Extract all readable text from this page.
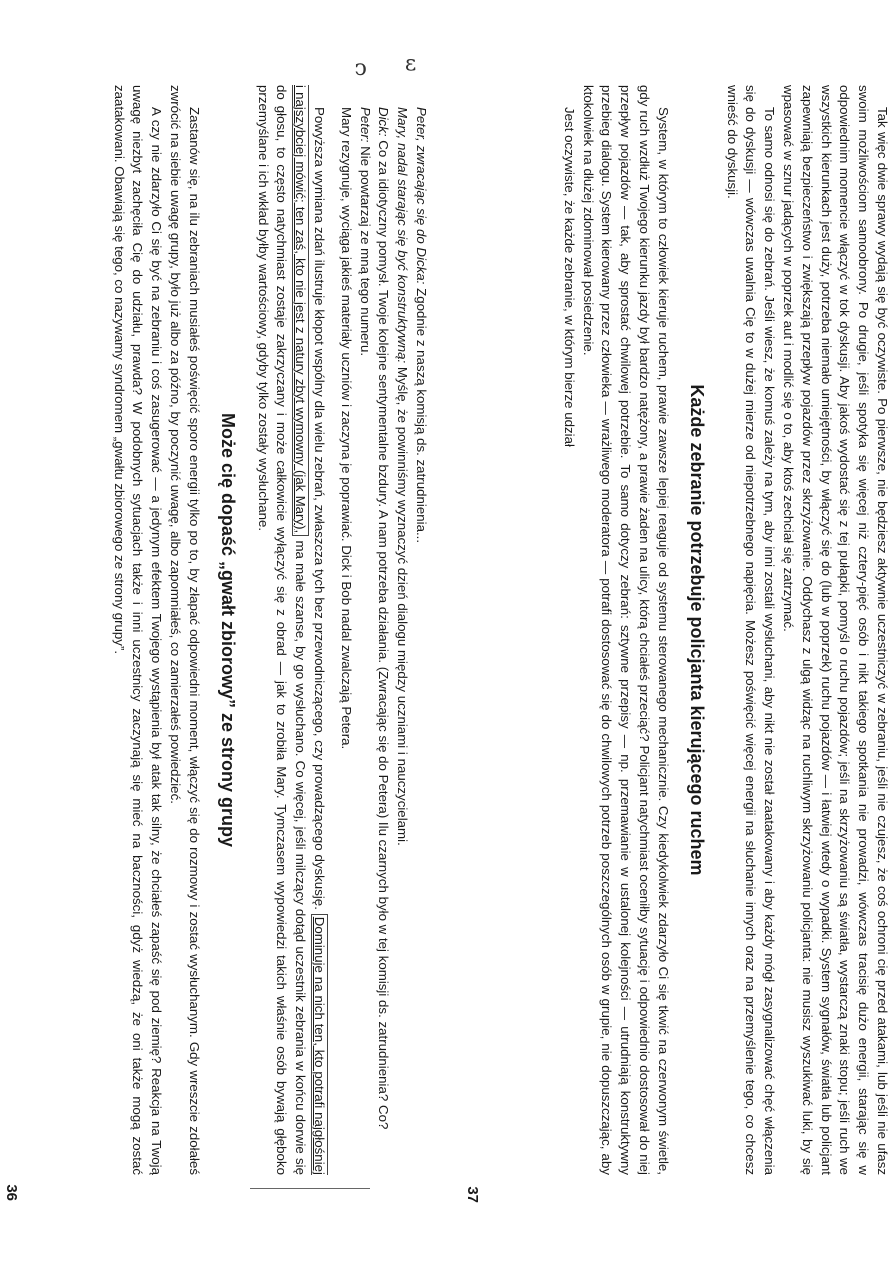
ɛ
ↄ

Peter, zwracając się do Dicka: Zgodnie z naszą komisją ds. zatrudnienia...

Mary, nadal starając się być konstruktywną: Myślę, że powinniśmy wyznaczyć dzień dialogu między uczniami i nauczycielami.

Dick: Co za idiotyczny pomysł. Twoje kolejne sentymentalne bzdury. A nam potrzeba działania. (Zwracając się do Petera) Ilu czarnych było w tej komisji ds. zatrudnienia? Co?

Peter: Nie powtarzaj ze mną tego numeru.

Mary rezygnuje, wyciąga jakieś materiały uczniów i zaczyna je poprawiać. Dick i Bob nadal zwalczają Petera.

Powyższa wymiana zdań ilustruje kłopot wspólny dla wielu zebrań, zwłaszcza tych bez przewodniczącego, czy prowadzącego dyskusję. Dominuje na nich ten, kto potrafi najgłośniej i najszybciej mówić; ten zaś, kto nie jest z natury zbyt wymowny (jak Mary), ma małe szanse, by go wysłuchano. Co więcej, jeśli milczący dotąd uczestnik zebrania w końcu dorwie się do głosu, to często natychmiast zostaje zakrzyczany i może całkowicie wyłączyć się z obrad — jak to zrobiła Mary. Tymczasem wypowiedzi takich właśnie osób bywają głęboko przemyślane i ich wkład byłby wartościowy, gdyby tylko zostały wysłuchane.

Może cię dopaść „gwałt zbiorowy” ze strony grupy

Zastanów się, na ilu zebraniach musiałeś poświęcić sporo energii tylko po to, by złapać odpowiedni moment, włączyć się do rozmowy i zostać wysłuchanym. Gdy wreszcie zdołałeś zwrócić na siebie uwagę grupy, było już albo za późno, by poczynić uwagę, albo zapomniałeś, co zamierzałeś powiedzieć.

A czy nie zdarzyło Ci się być na zebraniu i coś zasugerować — a jedynym efektem Twojego wystąpienia był atak tak silny, że chciałeś zapaść się pod ziemię? Reakcja na Twoją uwagę niezbyt zachęciła Cię do udziału, prawda? W podobnych sytuacjach także i inni uczestnicy zaczynają się mieć na baczności, gdyż wiedzą, że oni także mogą zostać zaatakowani. Obawiają się tego, co nazywamy syndromem „gwałtu zbiorowego ze strony grupy”.

36

Tak więc dwie sprawy wydają się być oczywiste. Po pierwsze, nie będziesz aktywnie uczestniczyć w zebraniu, jeśli nie czujesz, że coś ochroni cię przed atakami, lub jeśli nie ufasz swoim możliwościom samoobrony. Po drugie, jeśli spotyka się więcej niż cztery-pięć osób i nikt takiego spotkania nie prowadzi, wówczas tracisię dużo energii, starając się w odpowiednim momencie włączyć w tok dyskusji. Aby jakoś wydostać się z tej pułapki, pomyśl o ruchu pojazdów; jeśli na skrzyżowaniu są światła, wystarczą znaki stopu; jeśli ruch we wszystkich kierunkach jest duży, potrzeba niemało umiejętności, by włączyć się do (lub w poprzek) ruchu pojazdów — i łatwiej wtedy o wypadki. System sygnałów, światła lub policjant zapewniają bezpieczeństwo i zwiększają przepływ pojazdów przez skrzyżowanie. Oddychasz z ulgą widząc na ruchliwym skrzyżowaniu policjanta: nie musisz wyszukiwać luki, by się wpasować w sznur jadących w poprzek aut i modlić się o to, aby ktoś zechciał się zatrzymać.

To samo odnosi się do zebrań. Jeśli wiesz, że komuś zależy na tym, aby inni zostali wysłuchani, aby nikt nie został zaatakowany i aby każdy mógł zasygnalizować chęć włączenia się do dyskusji — wówczas uwalnia Cię to w dużej mierze od niepotrzebnego napięcia. Możesz poświęcić więcej energii na słuchanie innych oraz na przemyślenie tego, co chcesz wnieść do dyskusji.

Każde zebranie potrzebuje policjanta kierującego ruchem

System, w którym to człowiek kieruje ruchem, prawie zawsze lepiej reaguje od systemu sterowanego mechanicznie. Czy kiedykolwiek zdarzyło Ci się tkwić na czerwonym świetle, gdy ruch wzdłuż Twojego kierunku jazdy był bardzo natężony, a prawie żaden na ulicy, którą chciałeś przeciąć? Policjant natychmiast oceniłby sytuację i odpowiednio dostosował do niej przepływ pojazdów — tak, aby sprostać chwilowej potrzebie. To samo dotyczy zebrań: sztywne przepisy — np. przemawianie w ustalonej kolejności — utrudniają konstruktywny przebieg dialogu. System kierowany przez człowieka — wrażliwego moderatora — potrafi dostosować się do chwilowych potrzeb poszczególnych osób w grupie, nie dopuszczając, aby ktokolwiek na dłużej zdominował posiedzenie.

Jest oczywiste, że każde zebranie, w którym bierze udział

37
